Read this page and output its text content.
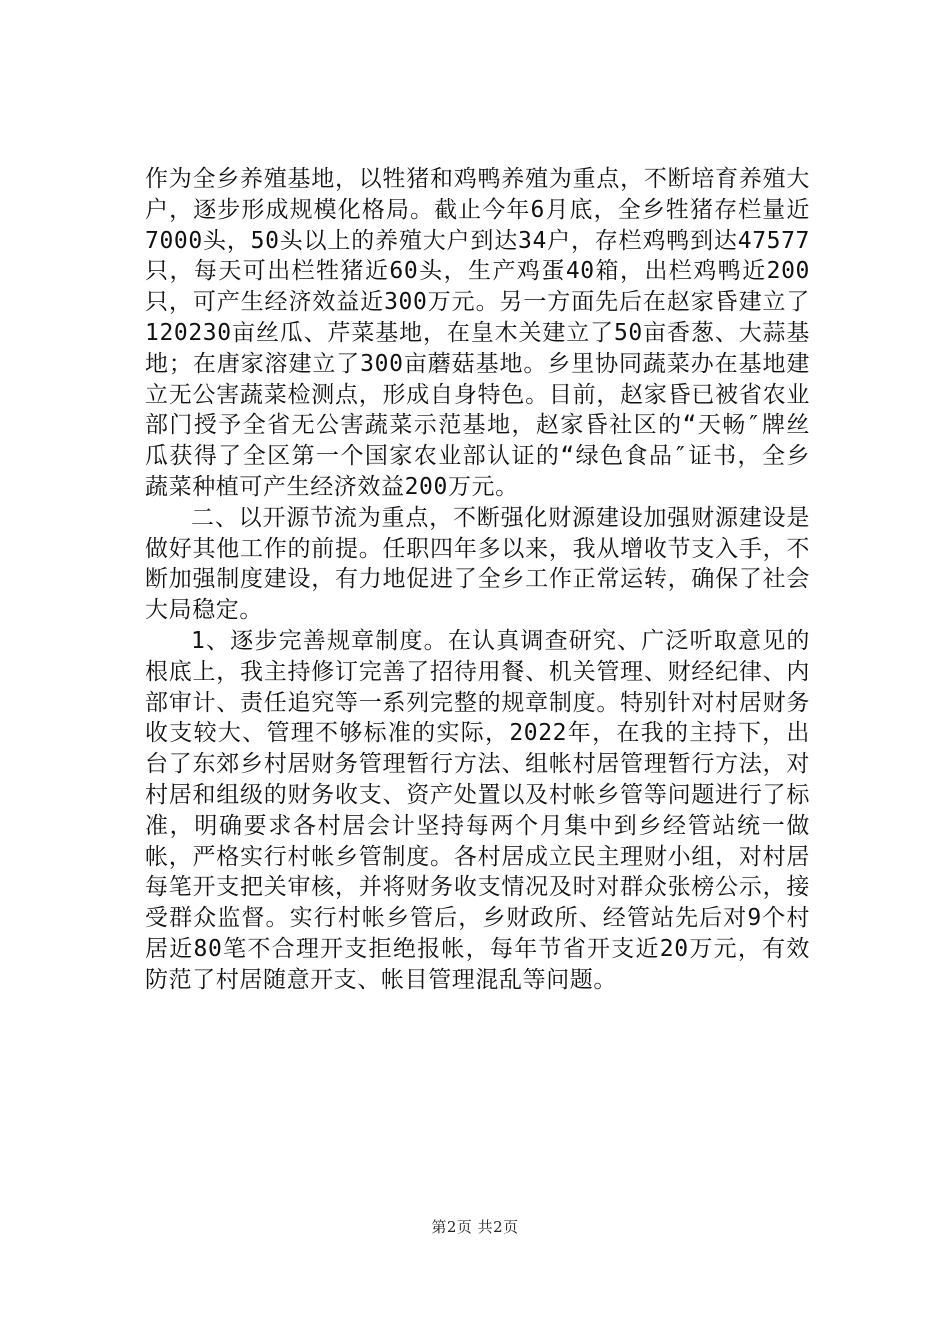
作为全乡养殖基地，以牲猪和鸡鸭养殖为重点，不断培育养殖大户，逐步形成规模化格局。截止今年6月底，全乡牲猪存栏量近7000头，50头以上的养殖大户到达34户，存栏鸡鸭到达47577只，每天可出栏牲猪近60头，生产鸡蛋40箱，出栏鸡鸭近200只，可产生经济效益近300万元。另一方面先后在赵家昏建立了120230亩丝瓜、芹菜基地，在皇木关建立了50亩香葱、大蒜基地；在唐家溶建立了300亩蘑菇基地。乡里协同蔬菜办在基地建立无公害蔬菜检测点，形成自身特色。目前，赵家昏已被省农业部门授予全省无公害蔬菜示范基地，赵家昏社区的“天畅″牌丝瓜获得了全区第一个国家农业部认证的“绿色食品″证书，全乡蔬菜种植可产生经济效益200万元。

二、以开源节流为重点，不断强化财源建设加强财源建设是做好其他工作的前提。任职四年多以来，我从增收节支入手，不断加强制度建设，有力地促进了全乡工作正常运转，确保了社会大局稳定。

1、逐步完善规章制度。在认真调查研究、广泛听取意见的根底上，我主持修订完善了招待用餐、机关管理、财经纪律、内部审计、责任追究等一系列完整的规章制度。特别针对村居财务收支较大、管理不够标准的实际，2022年，在我的主持下，出台了东郊乡村居财务管理暂行方法、组帐村居管理暂行方法，对村居和组级的财务收支、资产处置以及村帐乡管等问题进行了标准，明确要求各村居会计坚持每两个月集中到乡经管站统一做帐，严格实行村帐乡管制度。各村居成立民主理财小组，对村居每笔开支把关审核，并将财务收支情况及时对群众张榜公示，接受群众监督。实行村帐乡管后，乡财政所、经管站先后对9个村居近80笔不合理开支拒绝报帐，每年节省开支近20万元，有效防范了村居随意开支、帐目管理混乱等问题。

第2页 共2页
